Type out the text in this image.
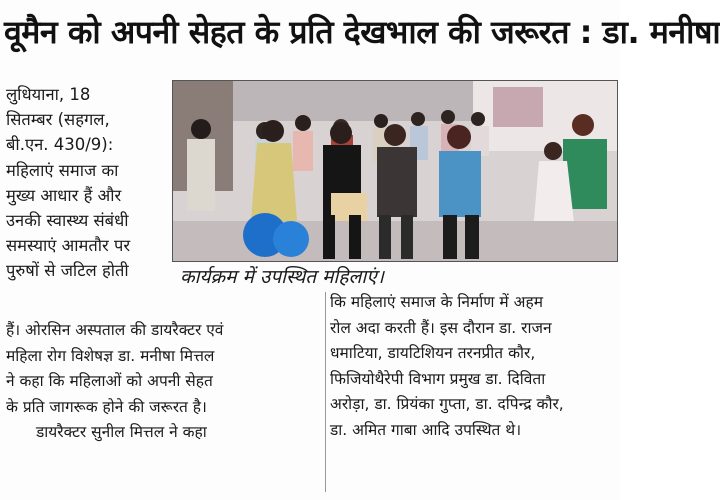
वूमैन को अपनी सेहत के प्रति देखभाल की जरूरत : डा. मनीषा

लुधियाना, 18

सितम्बर (सहगल,

बी.एन. 430/9):

महिलाएं समाज का

मुख्य आधार हैं और

उनकी स्वास्थ्य संबंधी

समस्याएं आमतौर पर

पुरुषों से जटिल होती	कार्यक्रम में उपस्थित महिलाएं।

हैं। ओरसिन अस्पताल की डायरैक्टर एवं

महिला रोग विशेषज्ञ डा. मनीषा मित्तल

ने कहा कि महिलाओं को अपनी सेहत

के प्रति जागरूक होने की जरूरत है।

डायरैक्टर सुनील मित्तल ने कहा

कि महिलाएं समाज के निर्माण में अहम

रोल अदा करती हैं। इस दौरान डा. राजन

धमाटिया, डायटिशियन तरनप्रीत कौर,

फिजियोथैरेपी विभाग प्रमुख डा. दिविता

अरोड़ा, डा. प्रियंका गुप्ता, डा. दपिन्द्र कौर,

डा. अमित गाबा आदि उपस्थित थे।
